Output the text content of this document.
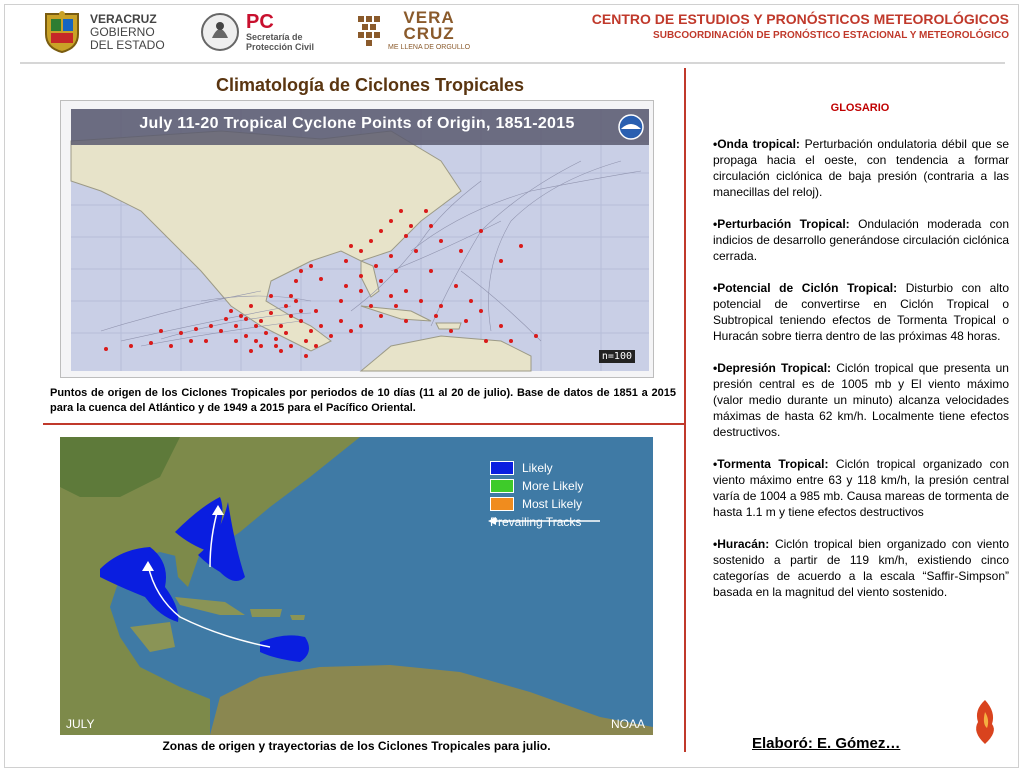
VERACRUZ
GOBIERNO
DEL ESTADO
PC
Secretaría de
Protección Civil
VERA
CRUZ
ME LLENA DE ORGULLO
CENTRO DE ESTUDIOS Y PRONÓSTICOS METEOROLÓGICOS
SUBCOORDINACIÓN DE PRONÓSTICO ESTACIONAL Y METEOROLÓGICO
Climatología de Ciclones Tropicales
July 11-20 Tropical Cyclone Points of Origin, 1851-2015
n=100
Puntos de origen de los Ciclones Tropicales por periodos de 10 días (11 al 20 de julio). Base de datos de 1851 a 2015 para la cuenca del Atlántico y de 1949 a 2015 para el Pacífico Oriental.
Likely
More Likely
Most Likely
Prevailing Tracks
JULY	NOAA
Zonas de origen y trayectorias de los Ciclones Tropicales para julio.
GLOSARIO

•Onda tropical: Perturbación ondulatoria débil que se propaga hacia el oeste, con tendencia a formar circulación ciclónica de baja presión (contraria a las manecillas del reloj).

•Perturbación Tropical: Ondulación moderada con indicios de desarrollo generándose circulación ciclónica cerrada.

•Potencial de Ciclón Tropical: Disturbio con alto potencial de convertirse en Ciclón Tropical o Subtropical teniendo efectos de Tormenta Tropical o Huracán sobre tierra dentro de las próximas 48 horas.

•Depresión Tropical: Ciclón tropical que presenta un presión central es de 1005 mb y El viento máximo (valor medio durante un minuto) alcanza velocidades máximas de hasta 62 km/h. Localmente tiene efectos destructivos.

•Tormenta Tropical: Ciclón tropical organizado con viento máximo entre 63 y 118 km/h, la presión central varía de 1004 a 985 mb. Causa mareas de tormenta de hasta 1.1 m y tiene efectos destructivos

•Huracán: Ciclón tropical bien organizado con viento sostenido a partir de 119 km/h, existiendo cinco categorías de acuerdo a la escala “Saffir-Simpson” basada en la magnitud del viento sostenido.

Elaboró: E. Gómez…
